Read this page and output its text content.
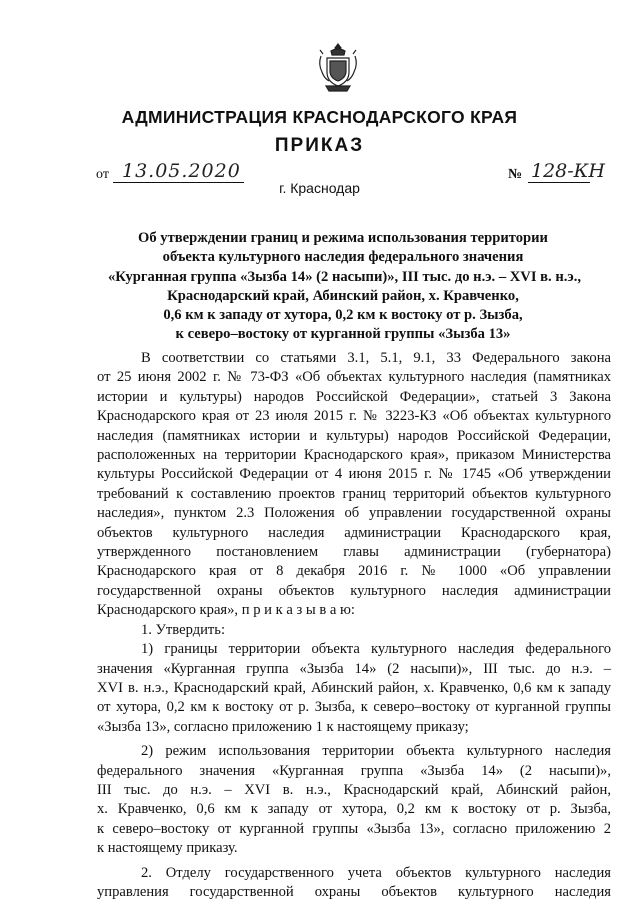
АДМИНИСТРАЦИЯ КРАСНОДАРСКОГО КРАЯ
ПРИКАЗ
от 13.05.2020	№ 128-КН
г. Краснодар
Об утверждении границ и режима использования территории
объекта культурного наследия федерального значения
«Курганная группа «Зызба 14» (2 насыпи)», III тыс. до н.э. – XVI в. н.э.,
Краснодарский край, Абинский район, х. Кравченко,
0,6 км к западу от хутора, 0,2 км к востоку от р. Зызба,
к северо–востоку от курганной группы «Зызба 13»
В соответствии со статьями 3.1, 5.1, 9.1, 33 Федерального закона
от 25 июня 2002 г. № 73-ФЗ «Об объектах культурного наследия (памятниках
истории и культуры) народов Российской Федерации», статьей 3 Закона
Краснодарского края от 23 июля 2015 г. № 3223-КЗ «Об объектах культурного
наследия (памятниках истории и культуры) народов Российской Федерации,
расположенных на территории Краснодарского края», приказом Министерства
культуры Российской Федерации от 4 июня 2015 г. № 1745 «Об утверждении
требований к составлению проектов границ территорий объектов культурного
наследия», пунктом 2.3 Положения об управлении государственной охраны
объектов культурного наследия администрации Краснодарского края,
утвержденного постановлением главы администрации (губернатора)
Краснодарского края от 8 декабря 2016 г. № 1000 «Об управлении
государственной охраны объектов культурного наследия администрации
Краснодарского края», п р и к а з ы в а ю:
1. Утвердить:
1) границы территории объекта культурного наследия федерального
значения «Курганная группа «Зызба 14» (2 насыпи)», III тыс. до н.э. –
XVI в. н.э., Краснодарский край, Абинский район, х. Кравченко, 0,6 км к западу
от хутора, 0,2 км к востоку от р. Зызба, к северо–востоку от курганной группы
«Зызба 13», согласно приложению 1 к настоящему приказу;
2) режим использования территории объекта культурного наследия
федерального значения «Курганная группа «Зызба 14» (2 насыпи)»,
III тыс. до н.э. – XVI в. н.э., Краснодарский край, Абинский район,
х. Кравченко, 0,6 км к западу от хутора, 0,2 км к востоку от р. Зызба,
к северо–востоку от курганной группы «Зызба 13», согласно приложению 2
к настоящему приказу.
2. Отделу государственного учета объектов культурного наследия
управления государственной охраны объектов культурного наследия
